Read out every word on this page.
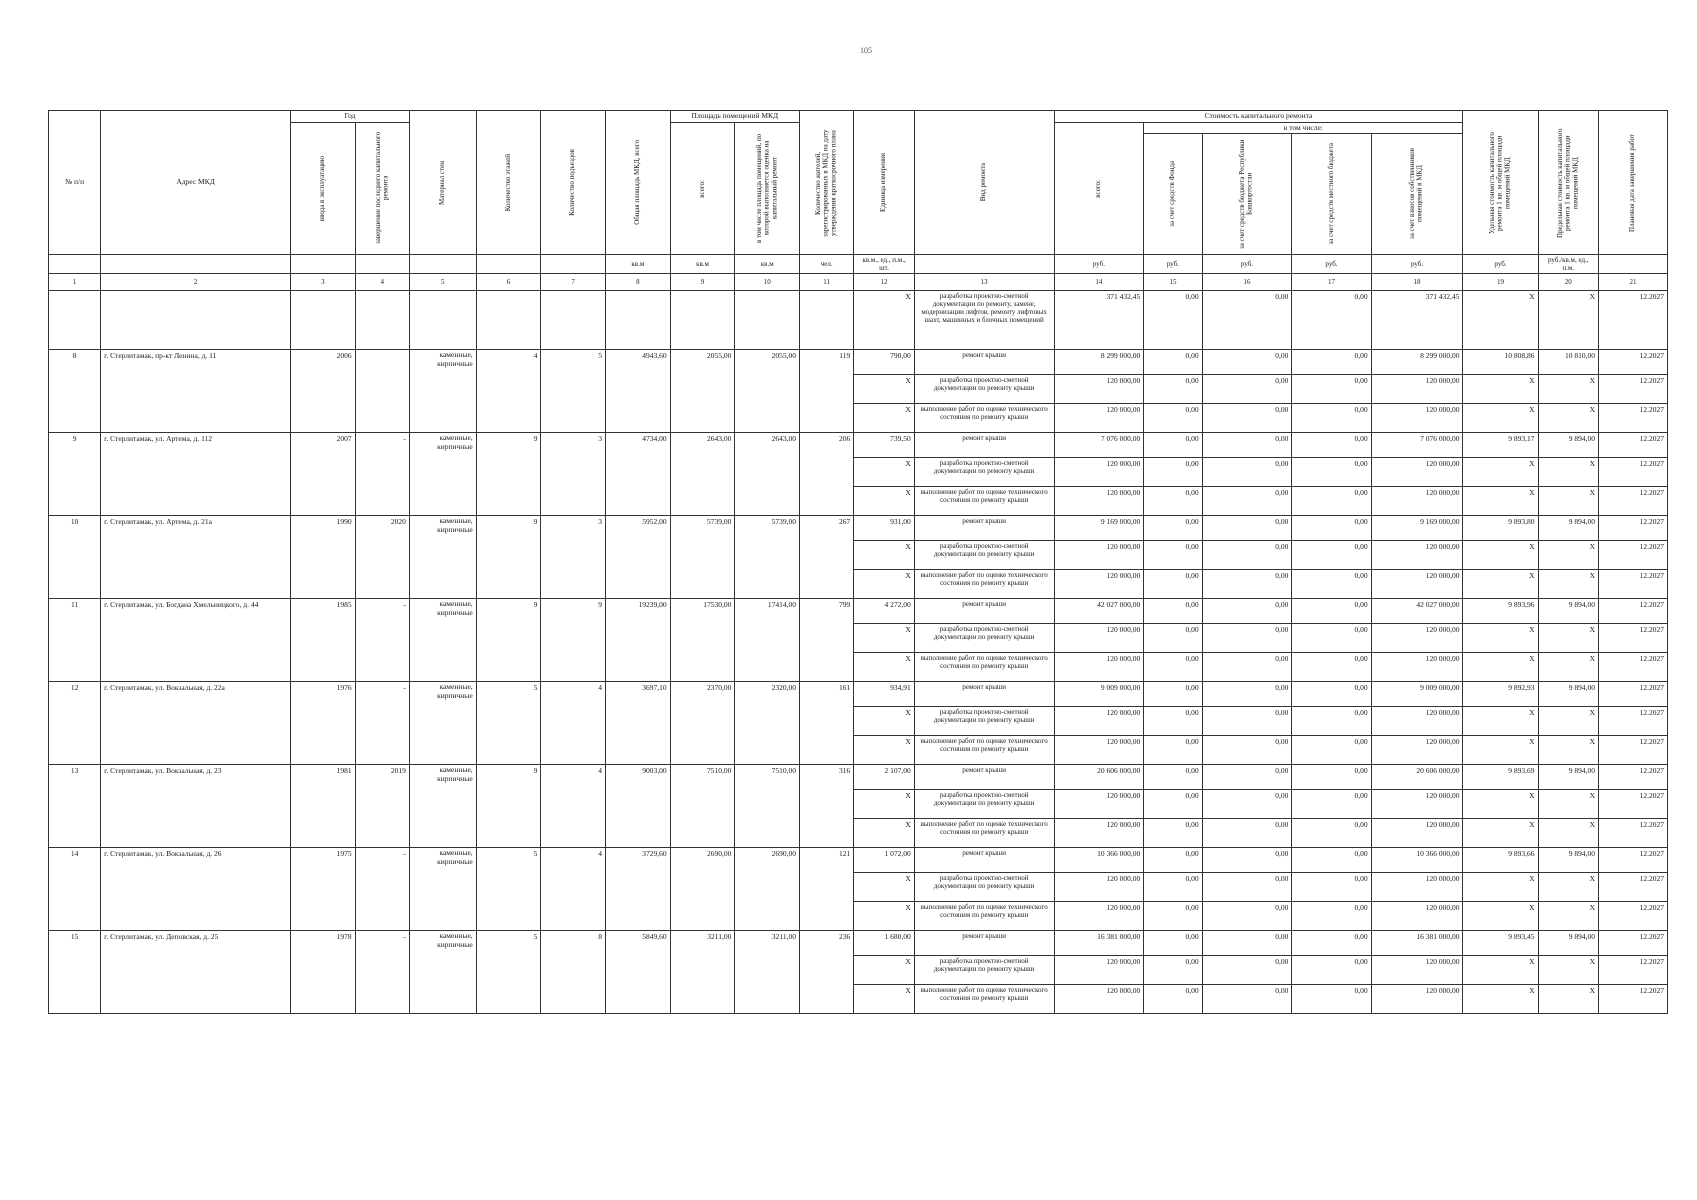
105
№ п/п	Адрес МКД	Год		Материал стен	Количество этажей	Количество подъездов	Общая площадь МКД, всего	Площадь помещений МКД		Количество жителей, зарегистрированных в МКД на дату утверждения краткосрочного плана	Единица измерения	Вид ремонта	Стоимость капитального ремонта					Удельная стоимость капитального ремонта 1 кв. м общей площади помещений МКД	Предельная стоимость капитального ремонта 1 кв. м общей площади помещений МКД	Плановая дата завершения работ

		ввода в эксплуатацию	завершение последнего капитального ремонта					всего:	в том числе площадь помещений, по которой выполняется оценка на капитальный ремонт				всего:	в том числе:						

														за счет средств Фонда	за счет средств бюджета Республики Башкортостан	за счет средств местного бюджета	за счет взносов собственников помещений в МКД			

							кв.м	кв.м	кв.м	чел.	кв.м., ед., п.м., шт.		руб.	руб.	руб.	руб.	руб.	руб.	руб./кв.м, ед., п.м.	
1	2	3	4	5	6	7	8	9	10	11	12	13	14	15	16	17	18	19	20	21
											X	разработка проектно-сметной документации по ремонту, замене, модернизации лифтов, ремонту лифтовых шахт, машинных и блочных помещений	371 432,45	0,00	0,00	0,00	371 432,45	X	X	12.2027
8	г. Стерлитамак, пр-кт Ленина, д. 11	2006		каменные, кирпичные	4	5	4943,60	2055,00	2055,00	119	790,00	ремонт крыши	8 299 000,00	0,00	0,00	0,00	8 299 000,00	10 808,86	10 810,00	12.2027
											X	разработка проектно-сметной документации по ремонту крыши	120 000,00	0,00	0,00	0,00	120 000,00	X	X	12.2027
											X	выполнение работ по оценке технического состояния по ремонту крыши	120 000,00	0,00	0,00	0,00	120 000,00	X	X	12.2027
9	г. Стерлитамак, ул. Артема, д. 112	2007	-	каменные, кирпичные	9	3	4734,00	2643,00	2643,00	206	739,50	ремонт крыши	7 076 000,00	0,00	0,00	0,00	7 076 000,00	9 893,17	9 894,00	12.2027
											X	разработка проектно-сметной документации по ремонту крыши	120 000,00	0,00	0,00	0,00	120 000,00	X	X	12.2027
											X	выполнение работ по оценке технического состояния по ремонту крыши	120 000,00	0,00	0,00	0,00	120 000,00	X	X	12.2027
10	г. Стерлитамак, ул. Артема, д. 21а	1990	2020	каменные, кирпичные	9	3	5952,00	5739,00	5739,00	267	931,00	ремонт крыши	9 169 000,00	0,00	0,00	0,00	9 169 000,00	9 893,80	9 894,00	12.2027
											X	разработка проектно-сметной документации по ремонту крыши	120 000,00	0,00	0,00	0,00	120 000,00	X	X	12.2027
											X	выполнение работ по оценке технического состояния по ремонту крыши	120 000,00	0,00	0,00	0,00	120 000,00	X	X	12.2027
11	г. Стерлитамак, ул. Богдана Хмельницкого, д. 44	1985	-	каменные, кирпичные	9	9	19239,00	17530,00	17414,00	799	4 272,00	ремонт крыши	42 027 000,00	0,00	0,00	0,00	42 027 000,00	9 893,96	9 894,00	12.2027
											X	разработка проектно-сметной документации по ремонту крыши	120 000,00	0,00	0,00	0,00	120 000,00	X	X	12.2027
											X	выполнение работ по оценке технического состояния по ремонту крыши	120 000,00	0,00	0,00	0,00	120 000,00	X	X	12.2027
12	г. Стерлитамак, ул. Вокзальная, д. 22а	1976	-	каменные, кирпичные	5	4	3697,10	2370,00	2320,00	161	934,91	ремонт крыши	9 009 000,00	0,00	0,00	0,00	9 009 000,00	9 892,93	9 894,00	12.2027
											X	разработка проектно-сметной документации по ремонту крыши	120 000,00	0,00	0,00	0,00	120 000,00	X	X	12.2027
											X	выполнение работ по оценке технического состояния по ремонту крыши	120 000,00	0,00	0,00	0,00	120 000,00	X	X	12.2027
13	г. Стерлитамак, ул. Вокзальная, д. 23	1981	2019	каменные, кирпичные	9	4	9003,00	7510,00	7510,00	316	2 107,00	ремонт крыши	20 606 000,00	0,00	0,00	0,00	20 606 000,00	9 893,69	9 894,00	12.2027
											X	разработка проектно-сметной документации по ремонту крыши	120 000,00	0,00	0,00	0,00	120 000,00	X	X	12.2027
											X	выполнение работ по оценке технического состояния по ремонту крыши	120 000,00	0,00	0,00	0,00	120 000,00	X	X	12.2027
14	г. Стерлитамак, ул. Вокзальная, д. 26	1975	-	каменные, кирпичные	5	4	3729,60	2690,00	2690,00	121	1 072,00	ремонт крыши	10 366 000,00	0,00	0,00	0,00	10 366 000,00	9 893,66	9 894,00	12.2027
											X	разработка проектно-сметной документации по ремонту крыши	120 000,00	0,00	0,00	0,00	120 000,00	X	X	12.2027
											X	выполнение работ по оценке технического состояния по ремонту крыши	120 000,00	0,00	0,00	0,00	120 000,00	X	X	12.2027
15	г. Стерлитамак, ул. Деповская, д. 25	1978	-	каменные, кирпичные	5	8	5849,60	3211,00	3211,00	236	1 680,00	ремонт крыши	16 381 000,00	0,00	0,00	0,00	16 381 000,00	9 893,45	9 894,00	12.2027
											X	разработка проектно-сметной документации по ремонту крыши	120 000,00	0,00	0,00	0,00	120 000,00	X	X	12.2027
											X	выполнение работ по оценке технического состояния по ремонту крыши	120 000,00	0,00	0,00	0,00	120 000,00	X	X	12.2027
